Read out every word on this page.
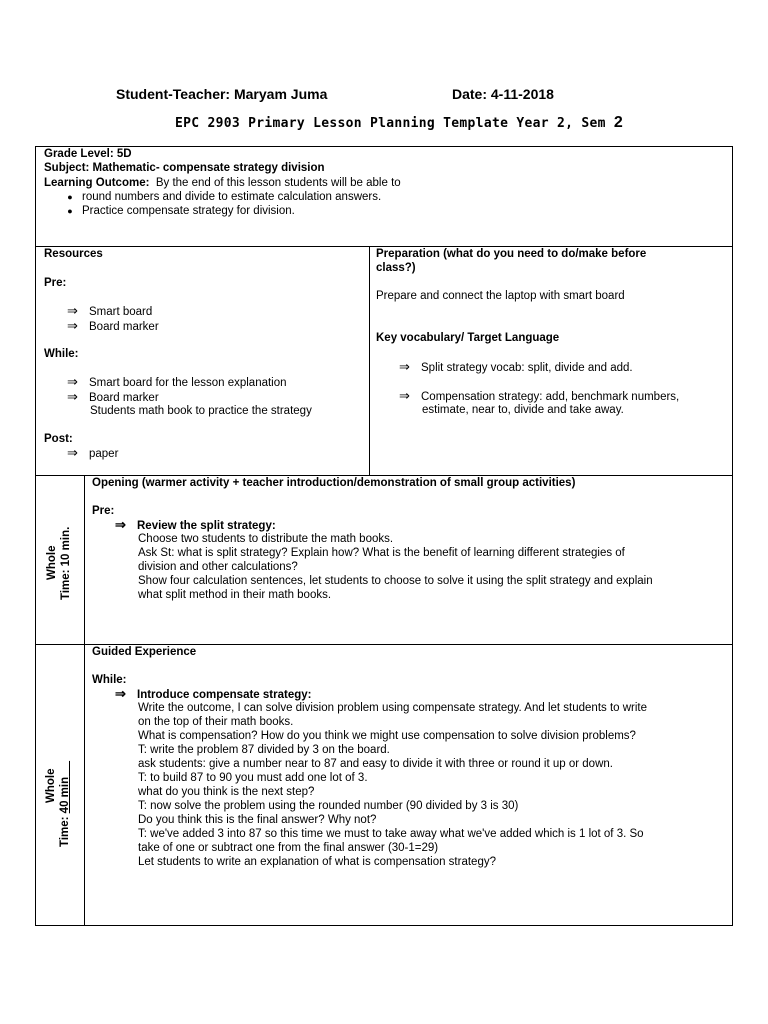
Student-Teacher: Maryam Juma	Date: 4-11-2018
EPC 2903 Primary Lesson Planning Template Year 2, Sem 2
Grade Level: 5D
Subject: Mathematic- compensate strategy division
Learning Outcome: By the end of this lesson students will be able to
● round numbers and divide to estimate calculation answers.
● Practice compensate strategy for division.
Resources
Pre:
⇒ Smart board
⇒ Board marker
While:
⇒ Smart board for the lesson explanation
⇒ Board marker
Students math book to practice the strategy
Post:
⇒ paper
Preparation (what do you need to do/make before
class?)
Prepare and connect the laptop with smart board
Key vocabulary/ Target Language
⇒ Split strategy vocab: split, divide and add.
⇒ Compensation strategy: add, benchmark numbers,
estimate, near to, divide and take away.
Whole Time: 10 min.
Opening (warmer activity + teacher introduction/demonstration of small group activities)
Pre:
⇒ Review the split strategy:
Choose two students to distribute the math books.
Ask St: what is split strategy? Explain how? What is the benefit of learning different strategies of
division and other calculations?
Show four calculation sentences, let students to choose to solve it using the split strategy and explain
what split method in their math books.
Whole
Time: 40 min
Guided Experience
While:
⇒ Introduce compensate strategy:
Write the outcome, I can solve division problem using compensate strategy. And let students to write
on the top of their math books.
What is compensation? How do you think we might use compensation to solve division problems?
T: write the problem 87 divided by 3 on the board.
ask students: give a number near to 87 and easy to divide it with three or round it up or down.
T: to build 87 to 90 you must add one lot of 3.
what do you think is the next step?
T: now solve the problem using the rounded number (90 divided by 3 is 30)
Do you think this is the final answer? Why not?
T: we've added 3 into 87 so this time we must to take away what we've added which is 1 lot of 3. So
take of one or subtract one from the final answer (30-1=29)
Let students to write an explanation of what is compensation strategy?
